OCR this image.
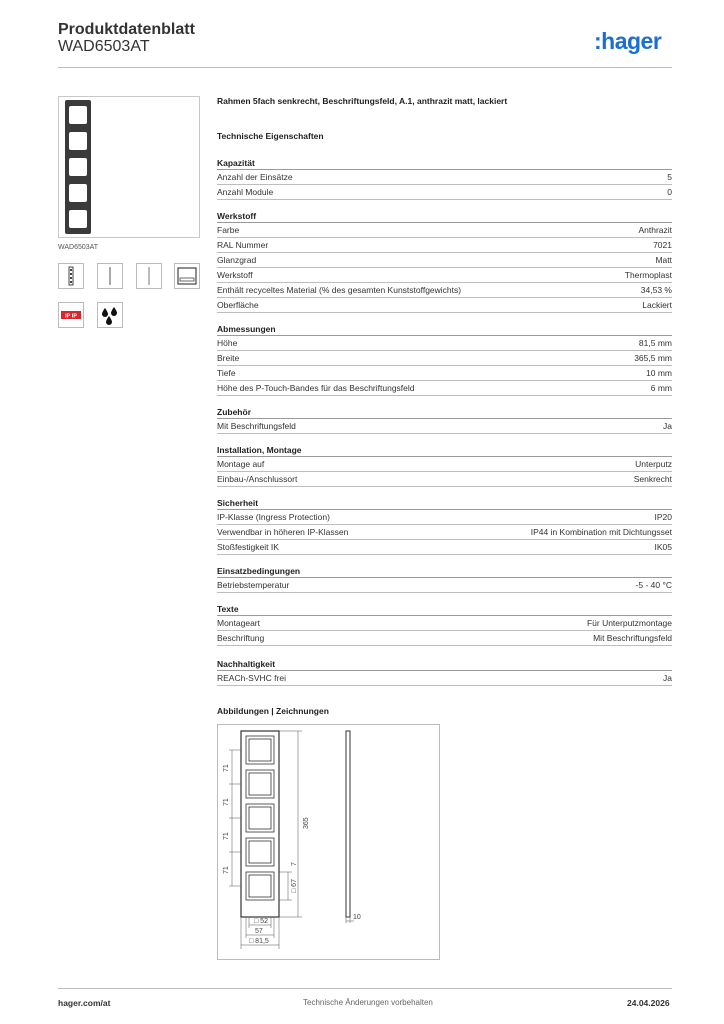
Produktdatenblatt
WAD6503AT	:hager
WAD6503AT
IP IP
Rahmen 5fach senkrecht, Beschriftungsfeld, A.1, anthrazit matt, lackiert
Technische Eigenschaften
Kapazität
Anzahl der Einsätze	5
Anzahl Module	0
Werkstoff
Farbe	Anthrazit
RAL Nummer	7021
Glanzgrad	Matt
Werkstoff	Thermoplast
Enthält recyceltes Material (% des gesamten Kunststoffgewichts)	34,53 %
Oberfläche	Lackiert
Abmessungen
Höhe	81,5 mm
Breite	365,5 mm
Tiefe	10 mm
Höhe des P-Touch-Bandes für das Beschriftungsfeld	6 mm
Zubehör
Mit Beschriftungsfeld	Ja
Installation, Montage
Montage auf	Unterputz
Einbau-/Anschlussort	Senkrecht
Sicherheit
IP-Klasse (Ingress Protection)	IP20
Verwendbar in höheren IP-Klassen	IP44 in Kombination mit Dichtungsset
Stoßfestigkeit IK	IK05
Einsatzbedingungen
Betriebstemperatur	-5 - 40 °C
Texte
Montageart	Für Unterputzmontage
Beschriftung	Mit Beschriftungsfeld
Nachhaltigkeit
REACh-SVHC frei	Ja
Abbildungen | Zeichnungen
71
71
71
71
365
7
□ 67
□ 52
57
□ 81,5
10
hager.com/at	Technische Änderungen vorbehalten	24.04.2026
